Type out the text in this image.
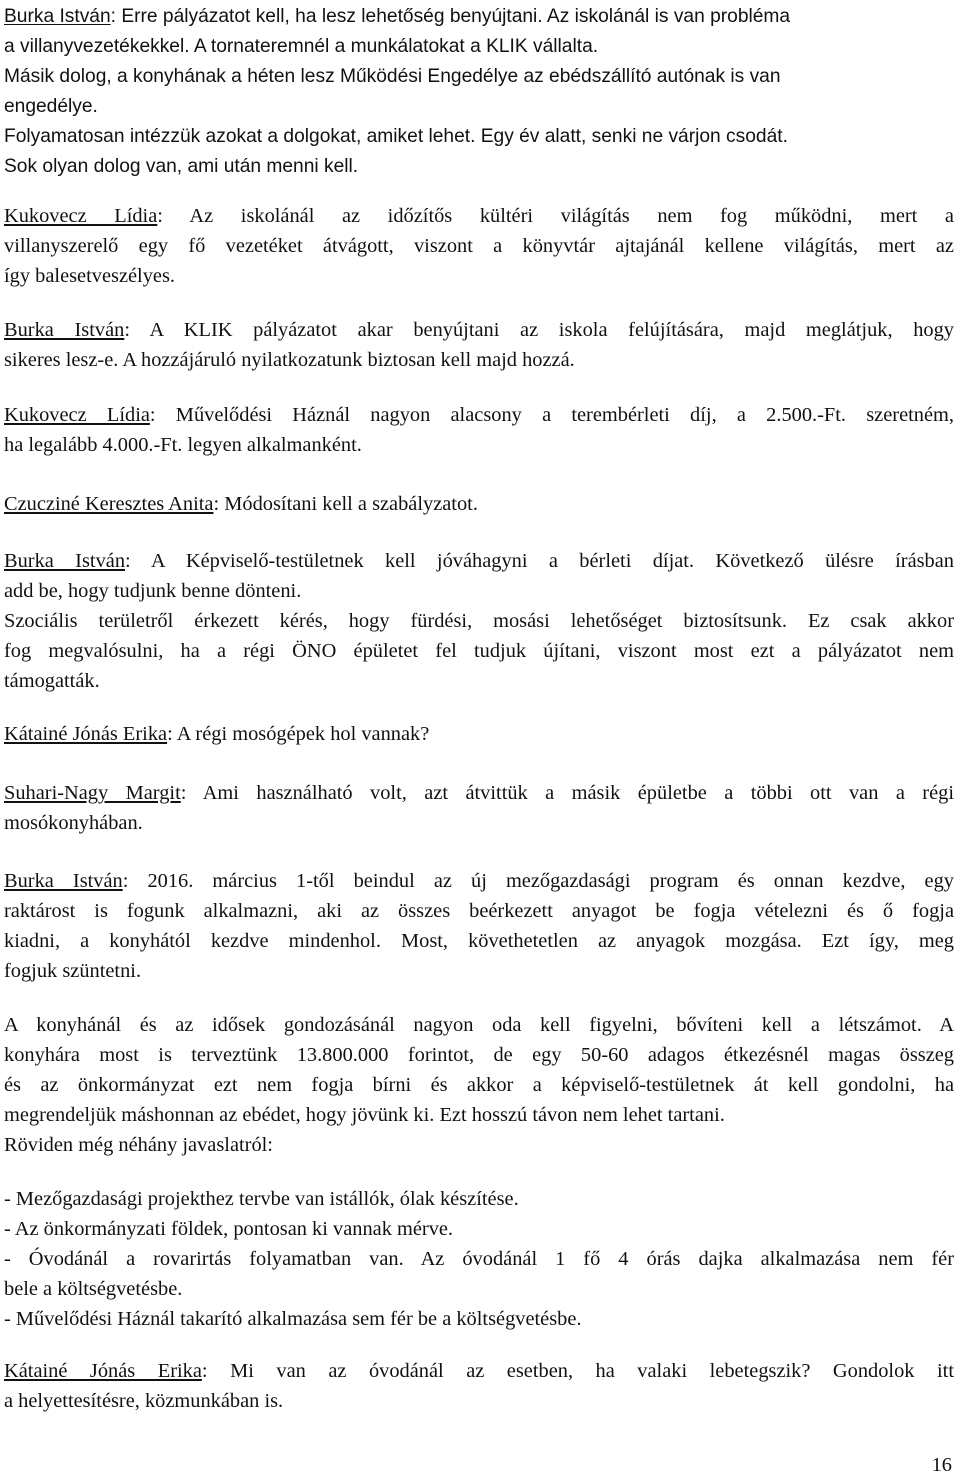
Burka István: Erre pályázatot kell, ha lesz lehetőség benyújtani. Az iskolánál is van probléma
a villanyvezetékekkel. A tornateremnél a munkálatokat a KLIK vállalta.
Másik dolog, a konyhának a héten lesz Működési Engedélye az ebédszállító autónak is van
engedélye.
Folyamatosan intézzük azokat a dolgokat, amiket lehet. Egy év alatt, senki ne várjon csodát.
Sok olyan dolog van, ami után menni kell.

Kukovecz Lídia: Az iskolánál az időzítős kültéri világítás nem fog működni, mert a
villanyszerelő egy fő vezetéket átvágott, viszont a könyvtár ajtajánál kellene világítás, mert az
így balesetveszélyes.

Burka István: A KLIK pályázatot akar benyújtani az iskola felújítására, majd meglátjuk, hogy
sikeres lesz-e. A hozzájáruló nyilatkozatunk biztosan kell majd hozzá.

Kukovecz Lídia: Művelődési Háznál nagyon alacsony a terembérleti díj, a 2.500.-Ft. szeretném,
ha legalább 4.000.-Ft. legyen alkalmanként.

Czucziné Keresztes Anita: Módosítani kell a szabályzatot.

Burka István: A Képviselő-testületnek kell jóváhagyni a bérleti díjat. Következő ülésre írásban
add be, hogy tudjunk benne dönteni.
Szociális területről érkezett kérés, hogy fürdési, mosási lehetőséget biztosítsunk. Ez csak akkor
fog megvalósulni, ha a régi ÖNO épületet fel tudjuk újítani, viszont most ezt a pályázatot nem
támogatták.

Kátainé Jónás Erika: A régi mosógépek hol vannak?

Suhari-Nagy Margit: Ami használható volt, azt átvittük a másik épületbe a többi ott van a régi
mosókonyhában.

Burka István: 2016. március 1-től beindul az új mezőgazdasági program és onnan kezdve, egy
raktárost is fogunk alkalmazni, aki az összes beérkezett anyagot be fogja vételezni és ő fogja
kiadni, a konyhától kezdve mindenhol. Most, követhetetlen az anyagok mozgása. Ezt így, meg
fogjuk szüntetni.

A konyhánál és az idősek gondozásánál nagyon oda kell figyelni, bővíteni kell a létszámot. A
konyhára most is terveztünk 13.800.000 forintot, de egy 50-60 adagos étkezésnél magas összeg
és az önkormányzat ezt nem fogja bírni és akkor a képviselő-testületnek át kell gondolni, ha
megrendeljük máshonnan az ebédet, hogy jövünk ki. Ezt hosszú távon nem lehet tartani.
Röviden még néhány javaslatról:

- Mezőgazdasági projekthez tervbe van istállók, ólak készítése.
- Az önkormányzati földek, pontosan ki vannak mérve.
- Óvodánál a rovarirtás folyamatban van. Az óvodánál 1 fő 4 órás dajka alkalmazása nem fér
bele a költségvetésbe.
- Művelődési Háznál takarító alkalmazása sem fér be a költségvetésbe.

Kátainé Jónás Erika: Mi van az óvodánál az esetben, ha valaki lebetegszik? Gondolok itt
a helyettesítésre, közmunkában is.

16
